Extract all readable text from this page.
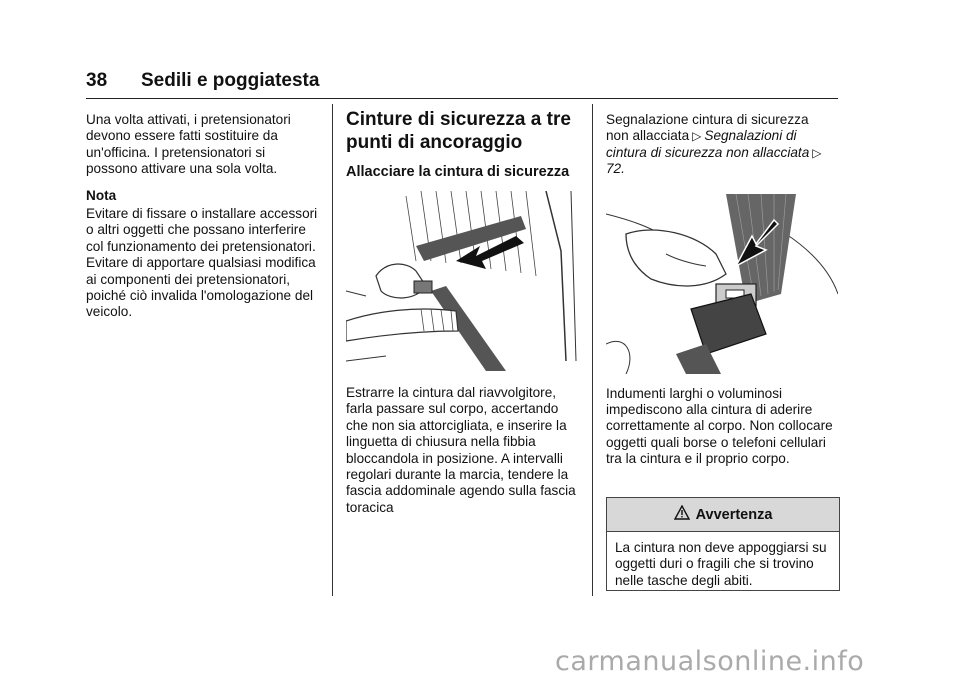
38 Sedili e poggiatesta

Una volta attivati, i pretensionatori devono essere fatti sostituire da un'officina. I pretensionatori si possono attivare una sola volta.

Nota

Evitare di fissare o installare accessori o altri oggetti che possano interferire col funzionamento dei pretensionatori. Evitare di apportare qualsiasi modifica ai componenti dei pretensionatori, poiché ciò invalida l'omologazione del veicolo.

Cinture di sicurezza a tre punti di ancoraggio
Allacciare la cintura di sicurezza

Estrarre la cintura dal riavvolgitore, farla passare sul corpo, accertando che non sia attorcigliata, e inserire la linguetta di chiusura nella fibbia bloccandola in posizione. A intervalli regolari durante la marcia, tendere la fascia addominale agendo sulla fascia toracica

Segnalazione cintura di sicurezza
non allacciata ▷ Segnalazioni di cintura di sicurezza non allacciata ▷72.

Indumenti larghi o voluminosi impediscono alla cintura di aderire correttamente al corpo. Non collocare oggetti quali borse o telefoni cellulari tra la cintura e il proprio corpo.

Avvertenza
La cintura non deve appoggiarsi su oggetti duri o fragili che si trovino nelle tasche degli abiti.
carmanualsonline.info
